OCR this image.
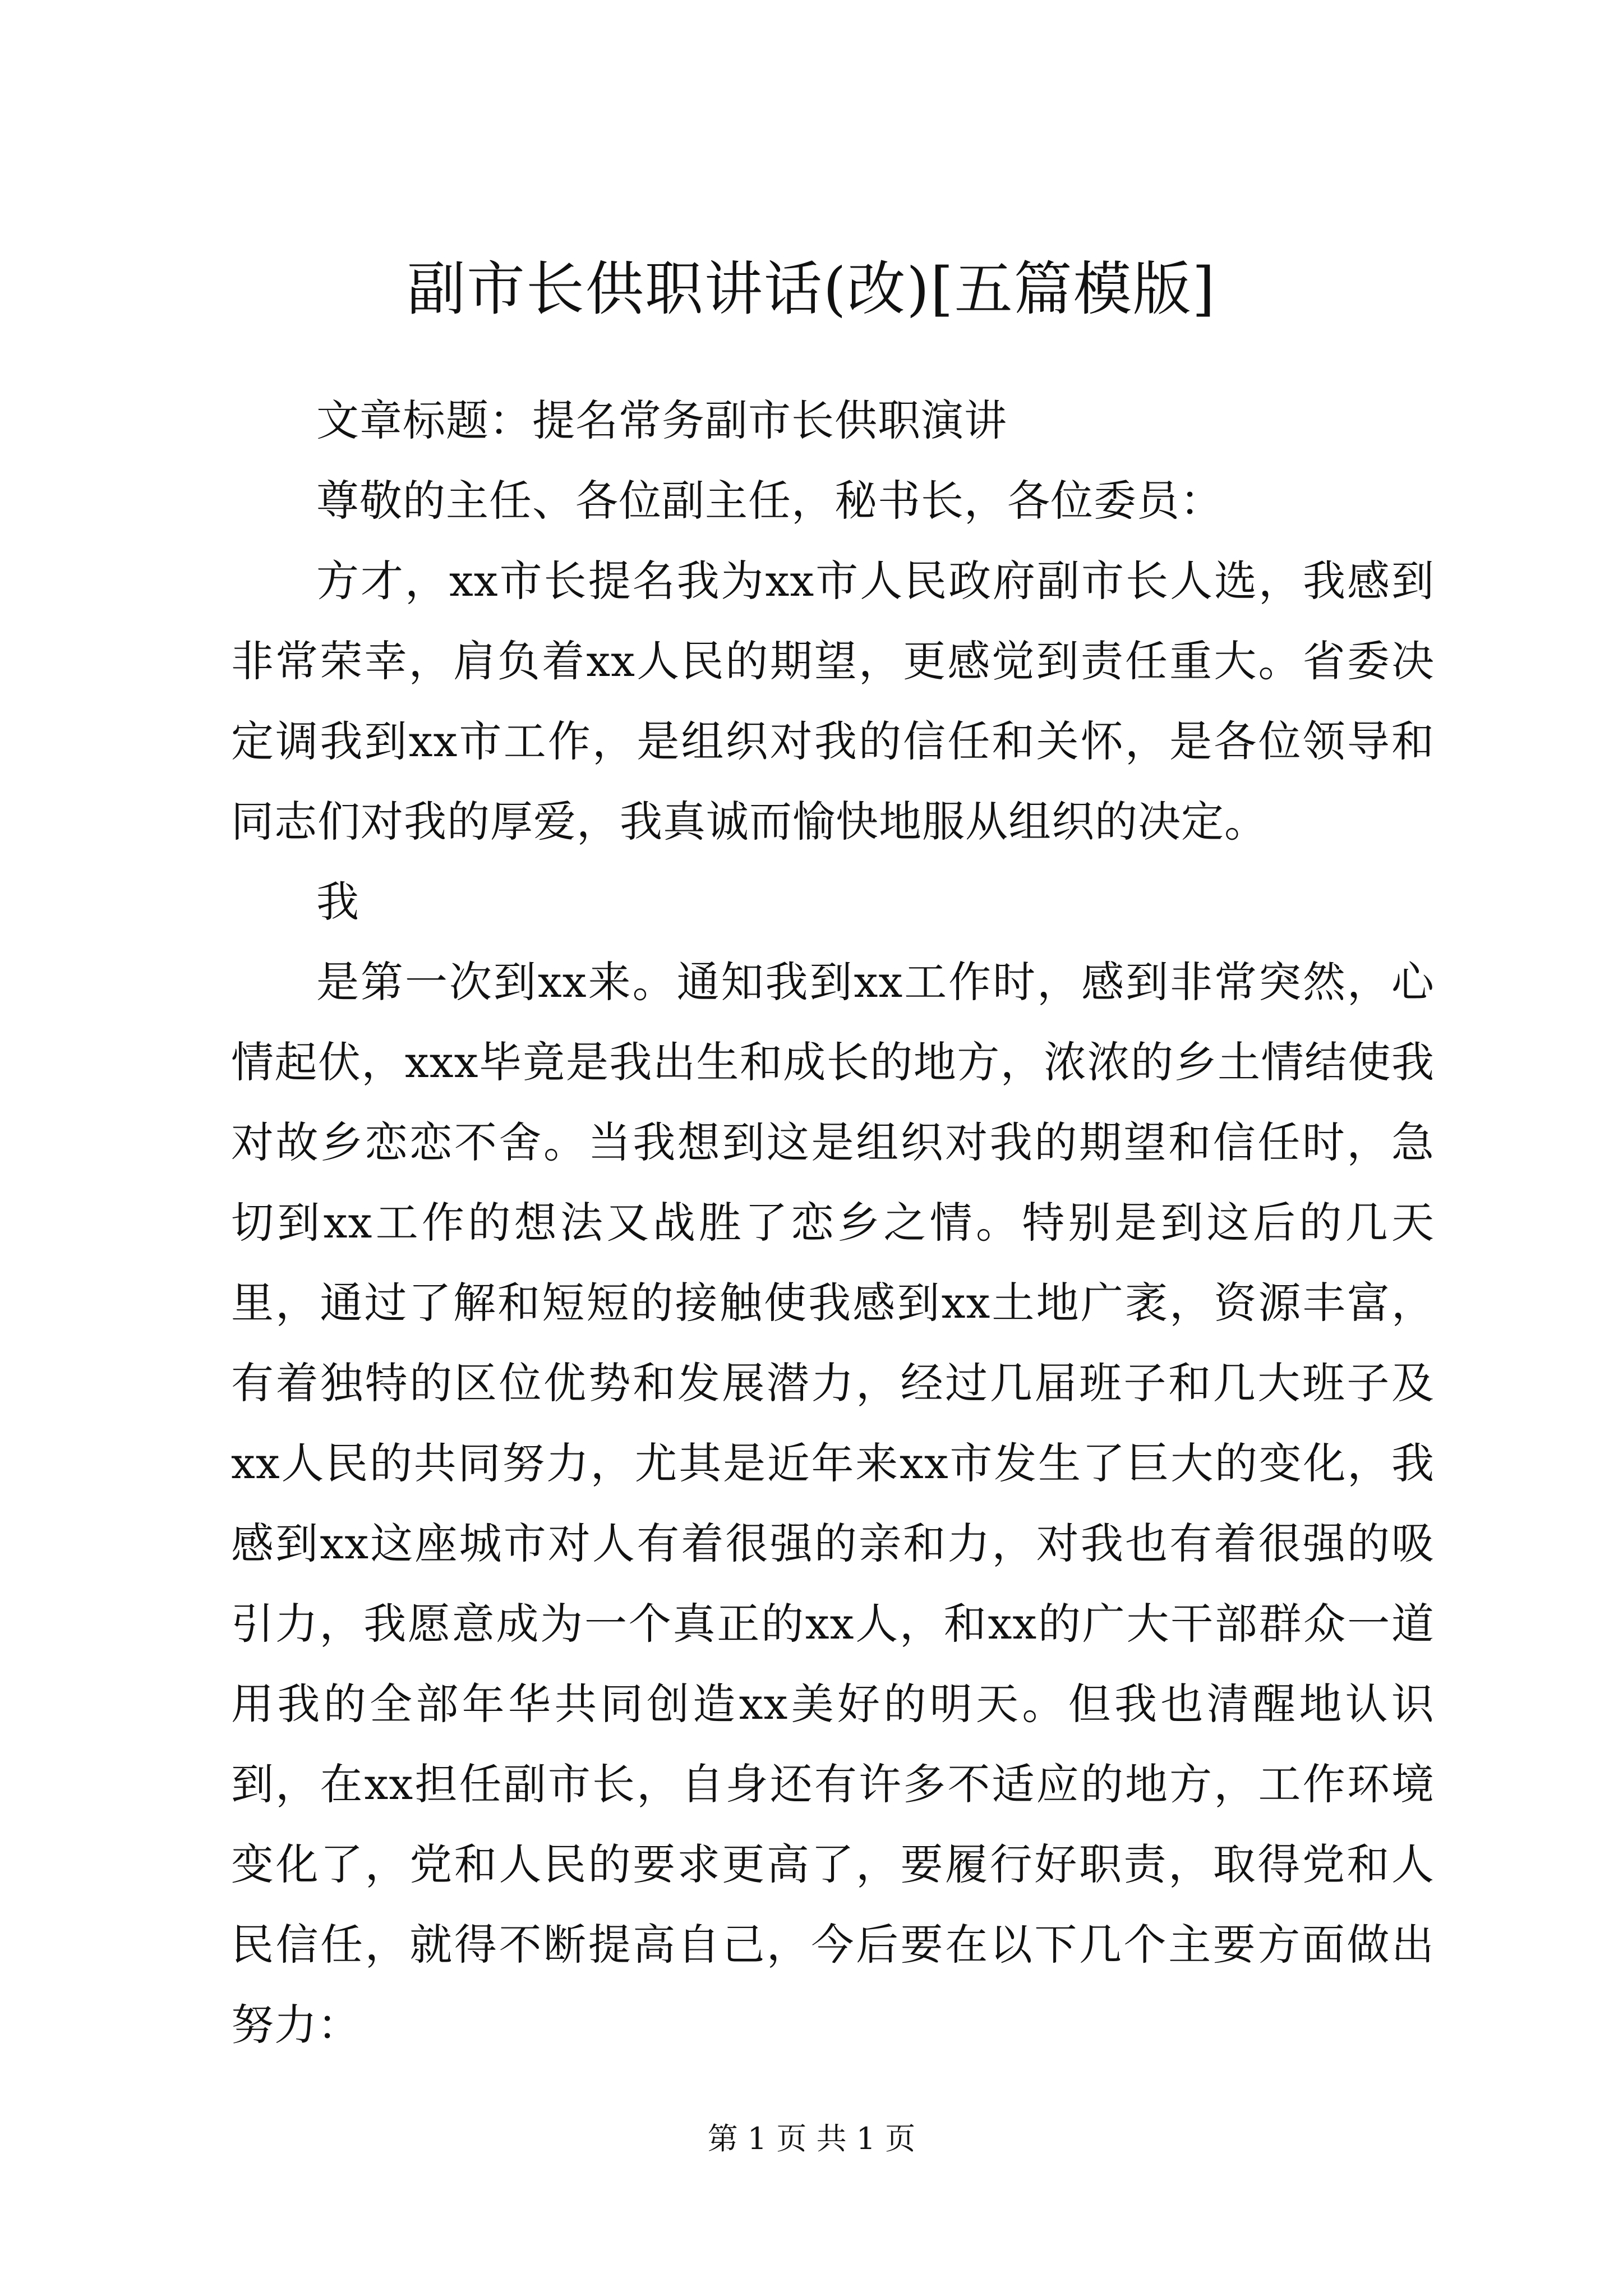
副市长供职讲话(改)[五篇模版]

文章标题：提名常务副市长供职演讲

尊敬的主任、各位副主任，秘书长，各位委员：

方才，xx市长提名我为xx市人民政府副市长人选，我感到非常荣幸，肩负着xx人民的期望，更感觉到责任重大。省委决定调我到xx市工作，是组织对我的信任和关怀，是各位领导和同志们对我的厚爱，我真诚而愉快地服从组织的决定。

我

是第一次到xx来。通知我到xx工作时，感到非常突然，心情起伏，xxx毕竟是我出生和成长的地方，浓浓的乡土情结使我对故乡恋恋不舍。当我想到这是组织对我的期望和信任时，急切到xx工作的想法又战胜了恋乡之情。特别是到这后的几天里，通过了解和短短的接触使我感到xx土地广袤，资源丰富，有着独特的区位优势和发展潜力，经过几届班子和几大班子及xx人民的共同努力，尤其是近年来xx市发生了巨大的变化，我感到xx这座城市对人有着很强的亲和力，对我也有着很强的吸引力，我愿意成为一个真正的xx人，和xx的广大干部群众一道用我的全部年华共同创造xx美好的明天。但我也清醒地认识到，在xx担任副市长，自身还有许多不适应的地方，工作环境变化了，党和人民的要求更高了，要履行好职责，取得党和人民信任，就得不断提高自己，今后要在以下几个主要方面做出努力：

第 1 页 共 1 页
